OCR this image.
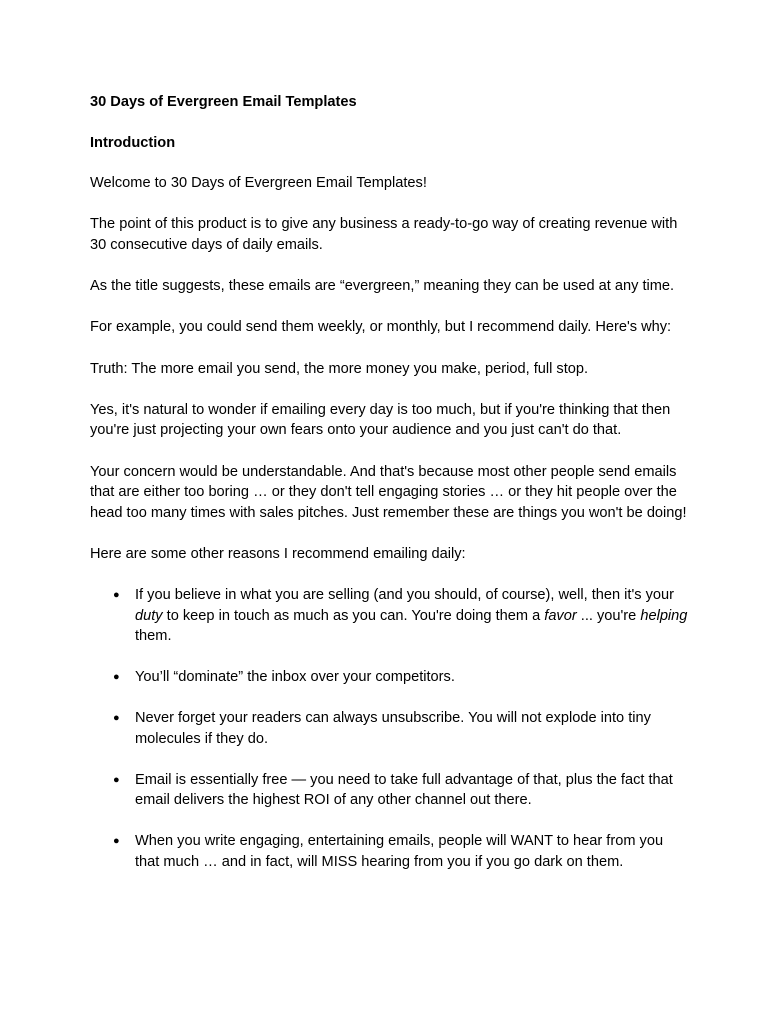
30 Days of Evergreen Email Templates
Introduction

Welcome to 30 Days of Evergreen Email Templates!

The point of this product is to give any business a ready-to-go way of creating revenue with 30 consecutive days of daily emails.

As the title suggests, these emails are “evergreen,” meaning they can be used at any time.

For example, you could send them weekly, or monthly, but I recommend daily. Here's why:

Truth: The more email you send, the more money you make, period, full stop.

Yes, it's natural to wonder if emailing every day is too much, but if you're thinking that then you're just projecting your own fears onto your audience and you just can't do that.

Your concern would be understandable. And that's because most other people send emails that are either too boring … or they don't tell engaging stories … or they hit people over the head too many times with sales pitches. Just remember these are things you won't be doing!

Here are some other reasons I recommend emailing daily:

● If you believe in what you are selling (and you should, of course), well, then it's your duty to keep in touch as much as you can. You're doing them a favor ... you're helping them.
● You’ll “dominate” the inbox over your competitors.
● Never forget your readers can always unsubscribe. You will not explode into tiny molecules if they do.
● Email is essentially free — you need to take full advantage of that, plus the fact that email delivers the highest ROI of any other channel out there.
● When you write engaging, entertaining emails, people will WANT to hear from you that much … and in fact, will MISS hearing from you if you go dark on them.
